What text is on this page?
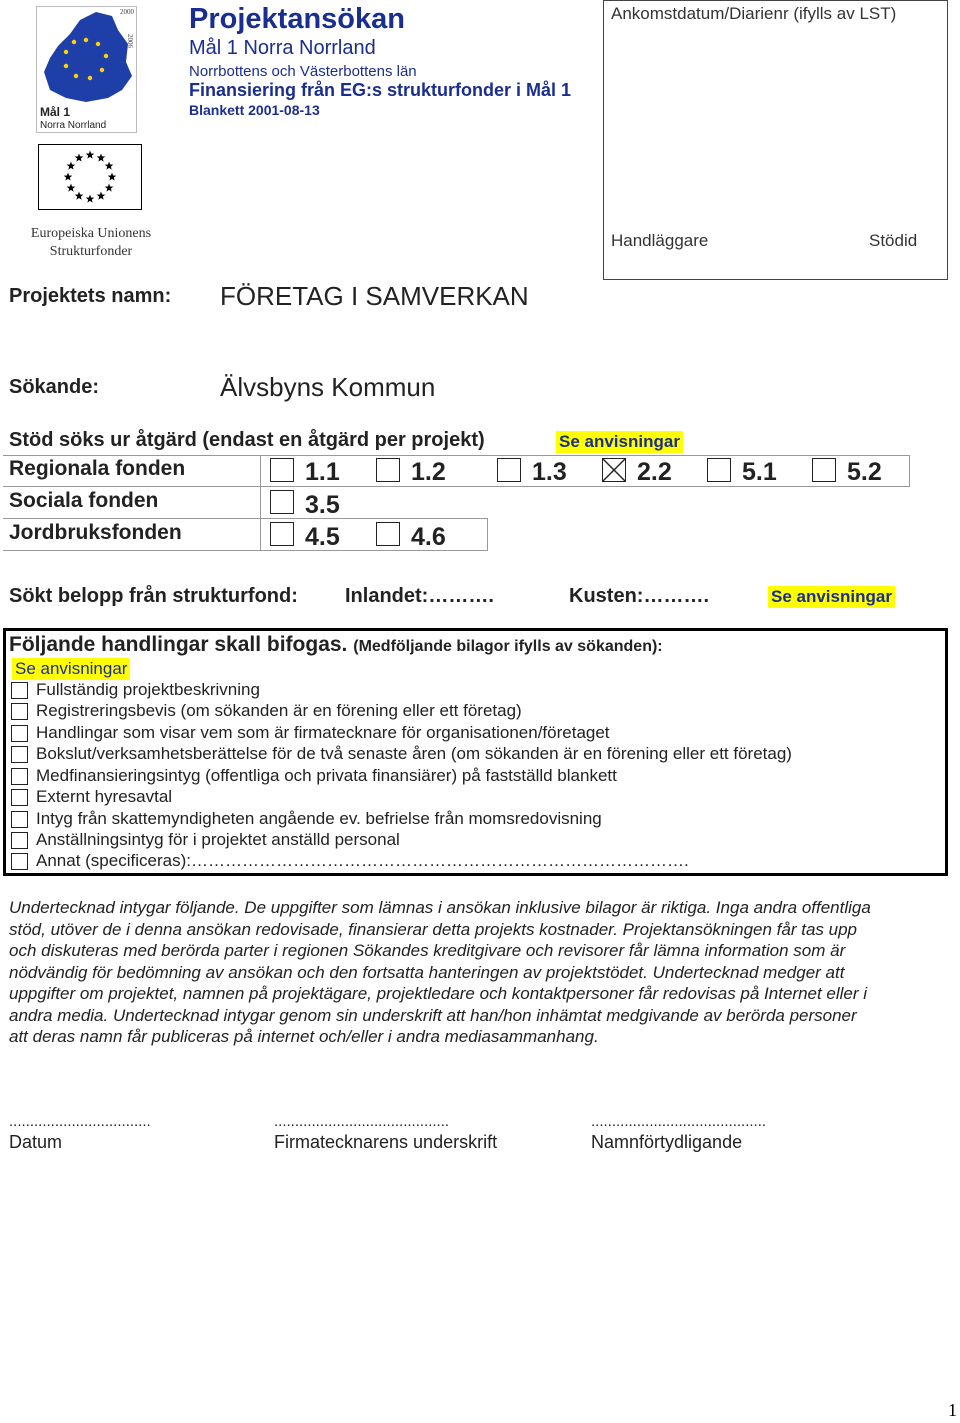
2000
2006
Mål 1
Norra Norrland
Europeiska Unionens
Strukturfonder
Projektansökan
Mål 1 Norra Norrland
Norrbottens och Västerbottens län
Finansiering från EG:s strukturfonder i Mål 1
Blankett 2001-08-13
Ankomstdatum/Diarienr (ifylls av LST)
Handläggare	Stödid
Projektets namn: FÖRETAG I SAMVERKAN
Sökande:	Älvsbyns Kommun
Stöd söks ur åtgärd (endast en åtgärd per projekt)	Se anvisningar
Regionala fonden	1.1	1.2	1.3	2.2	5.1	5.2
Sociala fonden	3.5
Jordbruksfonden	4.5	4.6
Sökt belopp från strukturfond: Inlandet:……….	Kusten:……….	Se anvisningar
Följande handlingar skall bifogas. (Medföljande bilagor ifylls av sökanden):
Se anvisningar
Fullständig projektbeskrivning
Registreringsbevis (om sökanden är en förening eller ett företag)
Handlingar som visar vem som är firmatecknare för organisationen/företaget
Bokslut/verksamhetsberättelse för de två senaste åren (om sökanden är en förening eller ett företag)
Medfinansieringsintyg (offentliga och privata finansiärer) på fastställd blankett
Externt hyresavtal
Intyg från skattemyndigheten angående ev. befrielse från momsredovisning
Anställningsintyg för i projektet anställd personal
Annat (specificeras):…………………………………………………………………………….
Undertecknad intygar följande. De uppgifter som lämnas i ansökan inklusive bilagor är riktiga. Inga andra offentliga
stöd, utöver de i denna ansökan redovisade, finansierar detta projekts kostnader. Projektansökningen får tas upp
och diskuteras med berörda parter i regionen Sökandes kreditgivare och revisorer får lämna information som är
nödvändig för bedömning av ansökan och den fortsatta hanteringen av projektstödet. Undertecknad medger att
uppgifter om projektet, namnen på projektägare, projektledare och kontaktpersoner får redovisas på Internet eller i
andra media. Undertecknad intygar genom sin underskrift att han/hon inhämtat medgivande av berörda personer
att deras namn får publiceras på internet och/eller i andra mediasammanhang.
..................................
Datum
..........................................
Firmatecknarens underskrift
..........................................
Namnförtydligande
1
